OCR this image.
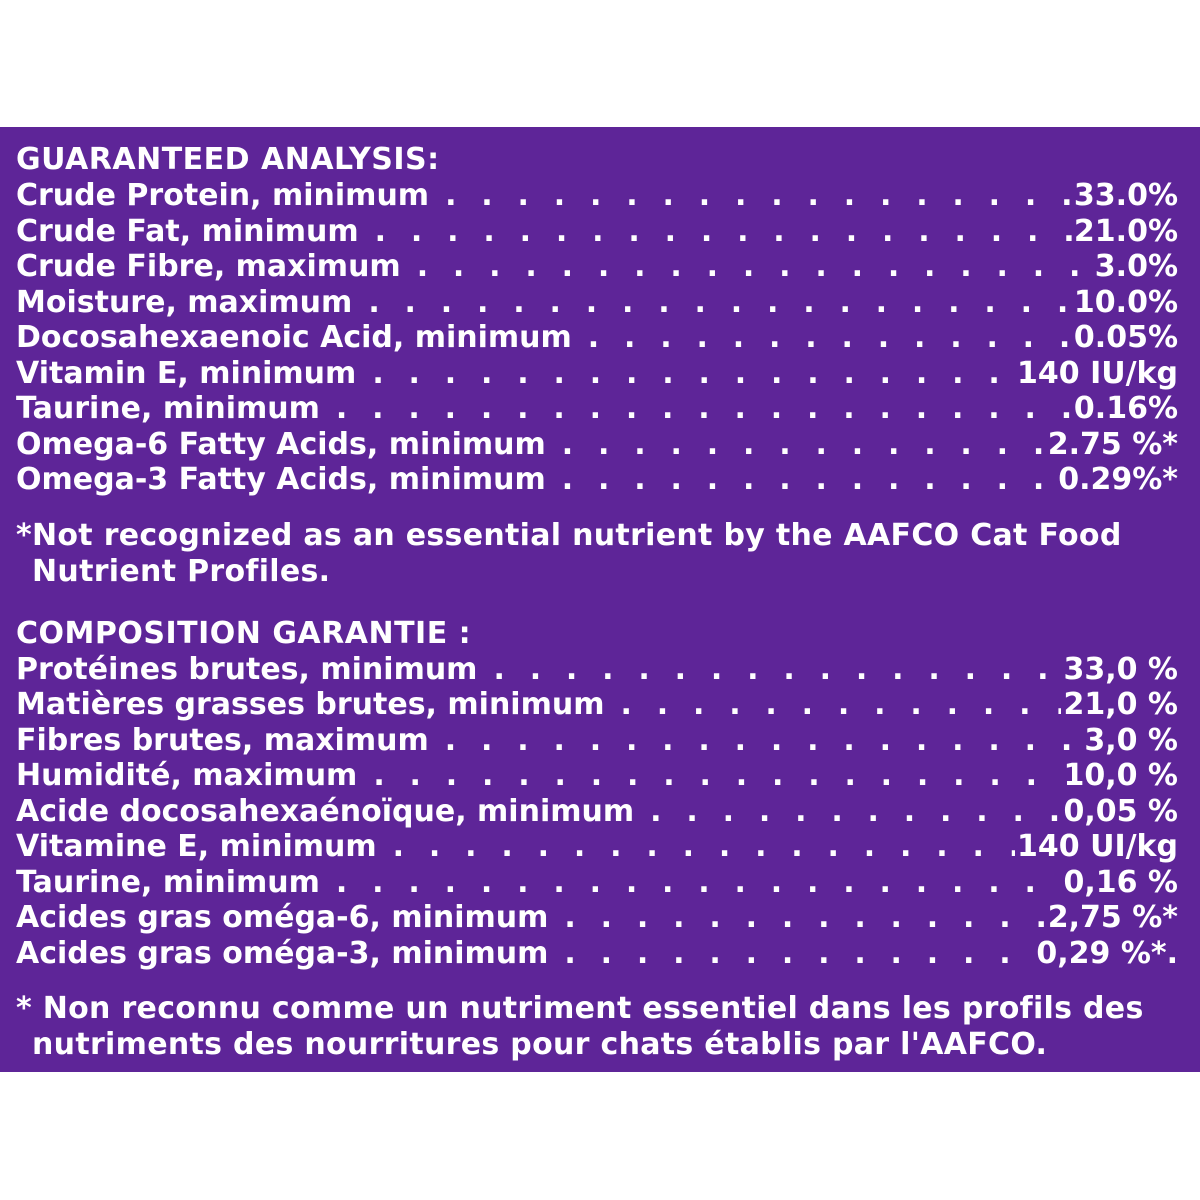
GUARANTEED ANALYSIS:
Crude Protein, minimum . . .	33.0%
Crude Fat, minimum . . .	21.0%
Crude Fibre, maximum . . .	3.0%
Moisture, maximum . . .	10.0%
Docosahexaenoic Acid, minimum . . .	0.05%
Vitamin E, minimum . . .	140 IU/kg
Taurine, minimum . . .	0.16%
Omega-6 Fatty Acids, minimum . . .	2.75 %*
Omega-3 Fatty Acids, minimum . . .	0.29%*

*Not recognized as an essential nutrient by the AAFCO Cat Food Nutrient Profiles.

COMPOSITION GARANTIE :
Protéines brutes, minimum . . .	33,0 %
Matières grasses brutes, minimum . . .	21,0 %
Fibres brutes, maximum . . .	3,0 %
Humidité, maximum . . .	10,0 %
Acide docosahexaénoïque, minimum . . .	0,05 %
Vitamine E, minimum . . .	140 UI/kg
Taurine, minimum . . .	0,16 %
Acides gras oméga-6, minimum . . .	2,75 %*
Acides gras oméga-3, minimum . . .	0,29 %*.

* Non reconnu comme un nutriment essentiel dans les profils des nutriments des nourritures pour chats établis par l'AAFCO.
